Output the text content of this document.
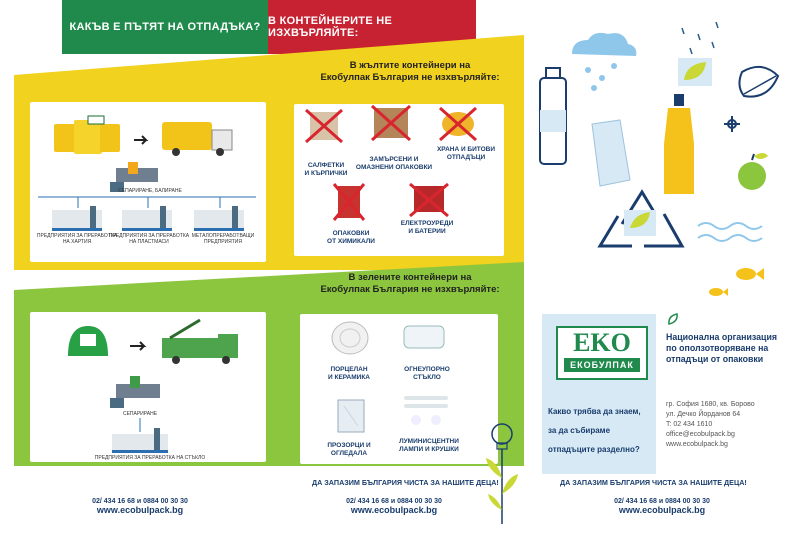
КАКЪВ Е ПЪТЯТ НА ОТПАДЪКА? В КОНТЕЙНЕРИТЕ НЕ ИЗХВЪРЛЯЙТЕ:
В жълтите контейнери на
Екобулпак България не изхвърляйте:
СЕПАРИРАНЕ, БАЛИРАНЕ
ПРЕДПРИЯТИЯ ЗА ПРЕРАБОТКА
НА ХАРТИЯ
ПРЕДПРИЯТИЯ ЗА ПРЕРАБОТКА
НА ПЛАСТМАСИ
МЕТАЛОПРЕРАБОТВАЩИ
ПРЕДПРИЯТИЯ
САЛФЕТКИ
И КЪРПИЧКИ
ЗАМЪРСЕНИ И
ОМАЗНЕНИ ОПАКОВКИ
ХРАНА И БИТОВИ
ОТПАДЪЦИ
ОПАКОВКИ
ОТ ХИМИКАЛИ
ЕЛЕКТРОУРЕДИ
И БАТЕРИИ
В зелените контейнери на
Екобулпак България не изхвърляйте:
СЕПАРИРАНЕ
ПРЕДПРИЯТИЯ ЗА ПРЕРАБОТКА НА СТЪКЛО
ПОРЦЕЛАН
И КЕРАМИКА
ОГНЕУПОРНО
СТЪКЛО
ПРОЗОРЦИ И
ОГЛЕДАЛА
ЛУМИНИСЦЕНТНИ
ЛАМПИ И КРУШКИ
ДА ЗАПАЗИМ БЪЛГАРИЯ ЧИСТА ЗА НАШИТЕ ДЕЦА!
02/ 434 16 68 и 0884 00 30 30
www.ecobulpack.bg
02/ 434 16 68 и 0884 00 30 30
www.ecobulpack.bg
02/ 434 16 68 и 0884 00 30 30
www.ecobulpack.bg
EKO
ЕКОБУЛПАК
Национална организация
по оползотворяване на
отпадъци от опаковки
Какво трябва да знаем,
за да събираме
отпадъците разделно?
гр. София 1680, кв. Борово
ул. Дечко Йорданов 64
T: 02 434 1610
office@ecobulpack.bg
www.ecobulpack.bg
ДА ЗАПАЗИМ БЪЛГАРИЯ ЧИСТА ЗА НАШИТЕ ДЕЦА!
